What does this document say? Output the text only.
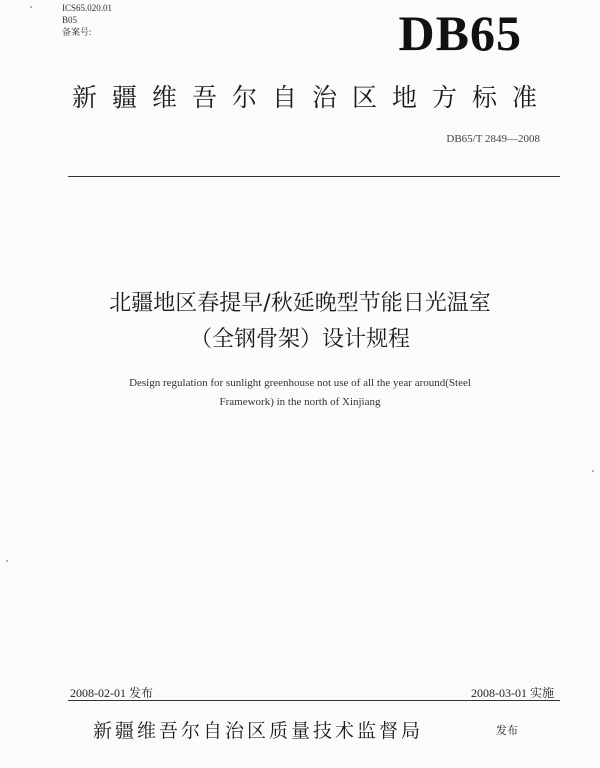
ICS65.020.01
B05
备案号:	DB65
新疆维吾尔自治区地方标准
DB65/T 2849—2008
北疆地区春提早/秋延晚型节能日光温室
（全钢骨架）设计规程
Design regulation for sunlight greenhouse not use of all the year around(Steel
Framework) in the north of Xinjiang
2008-02-01 发布	2008-03-01 实施
新疆维吾尔自治区质量技术监督局	发布
